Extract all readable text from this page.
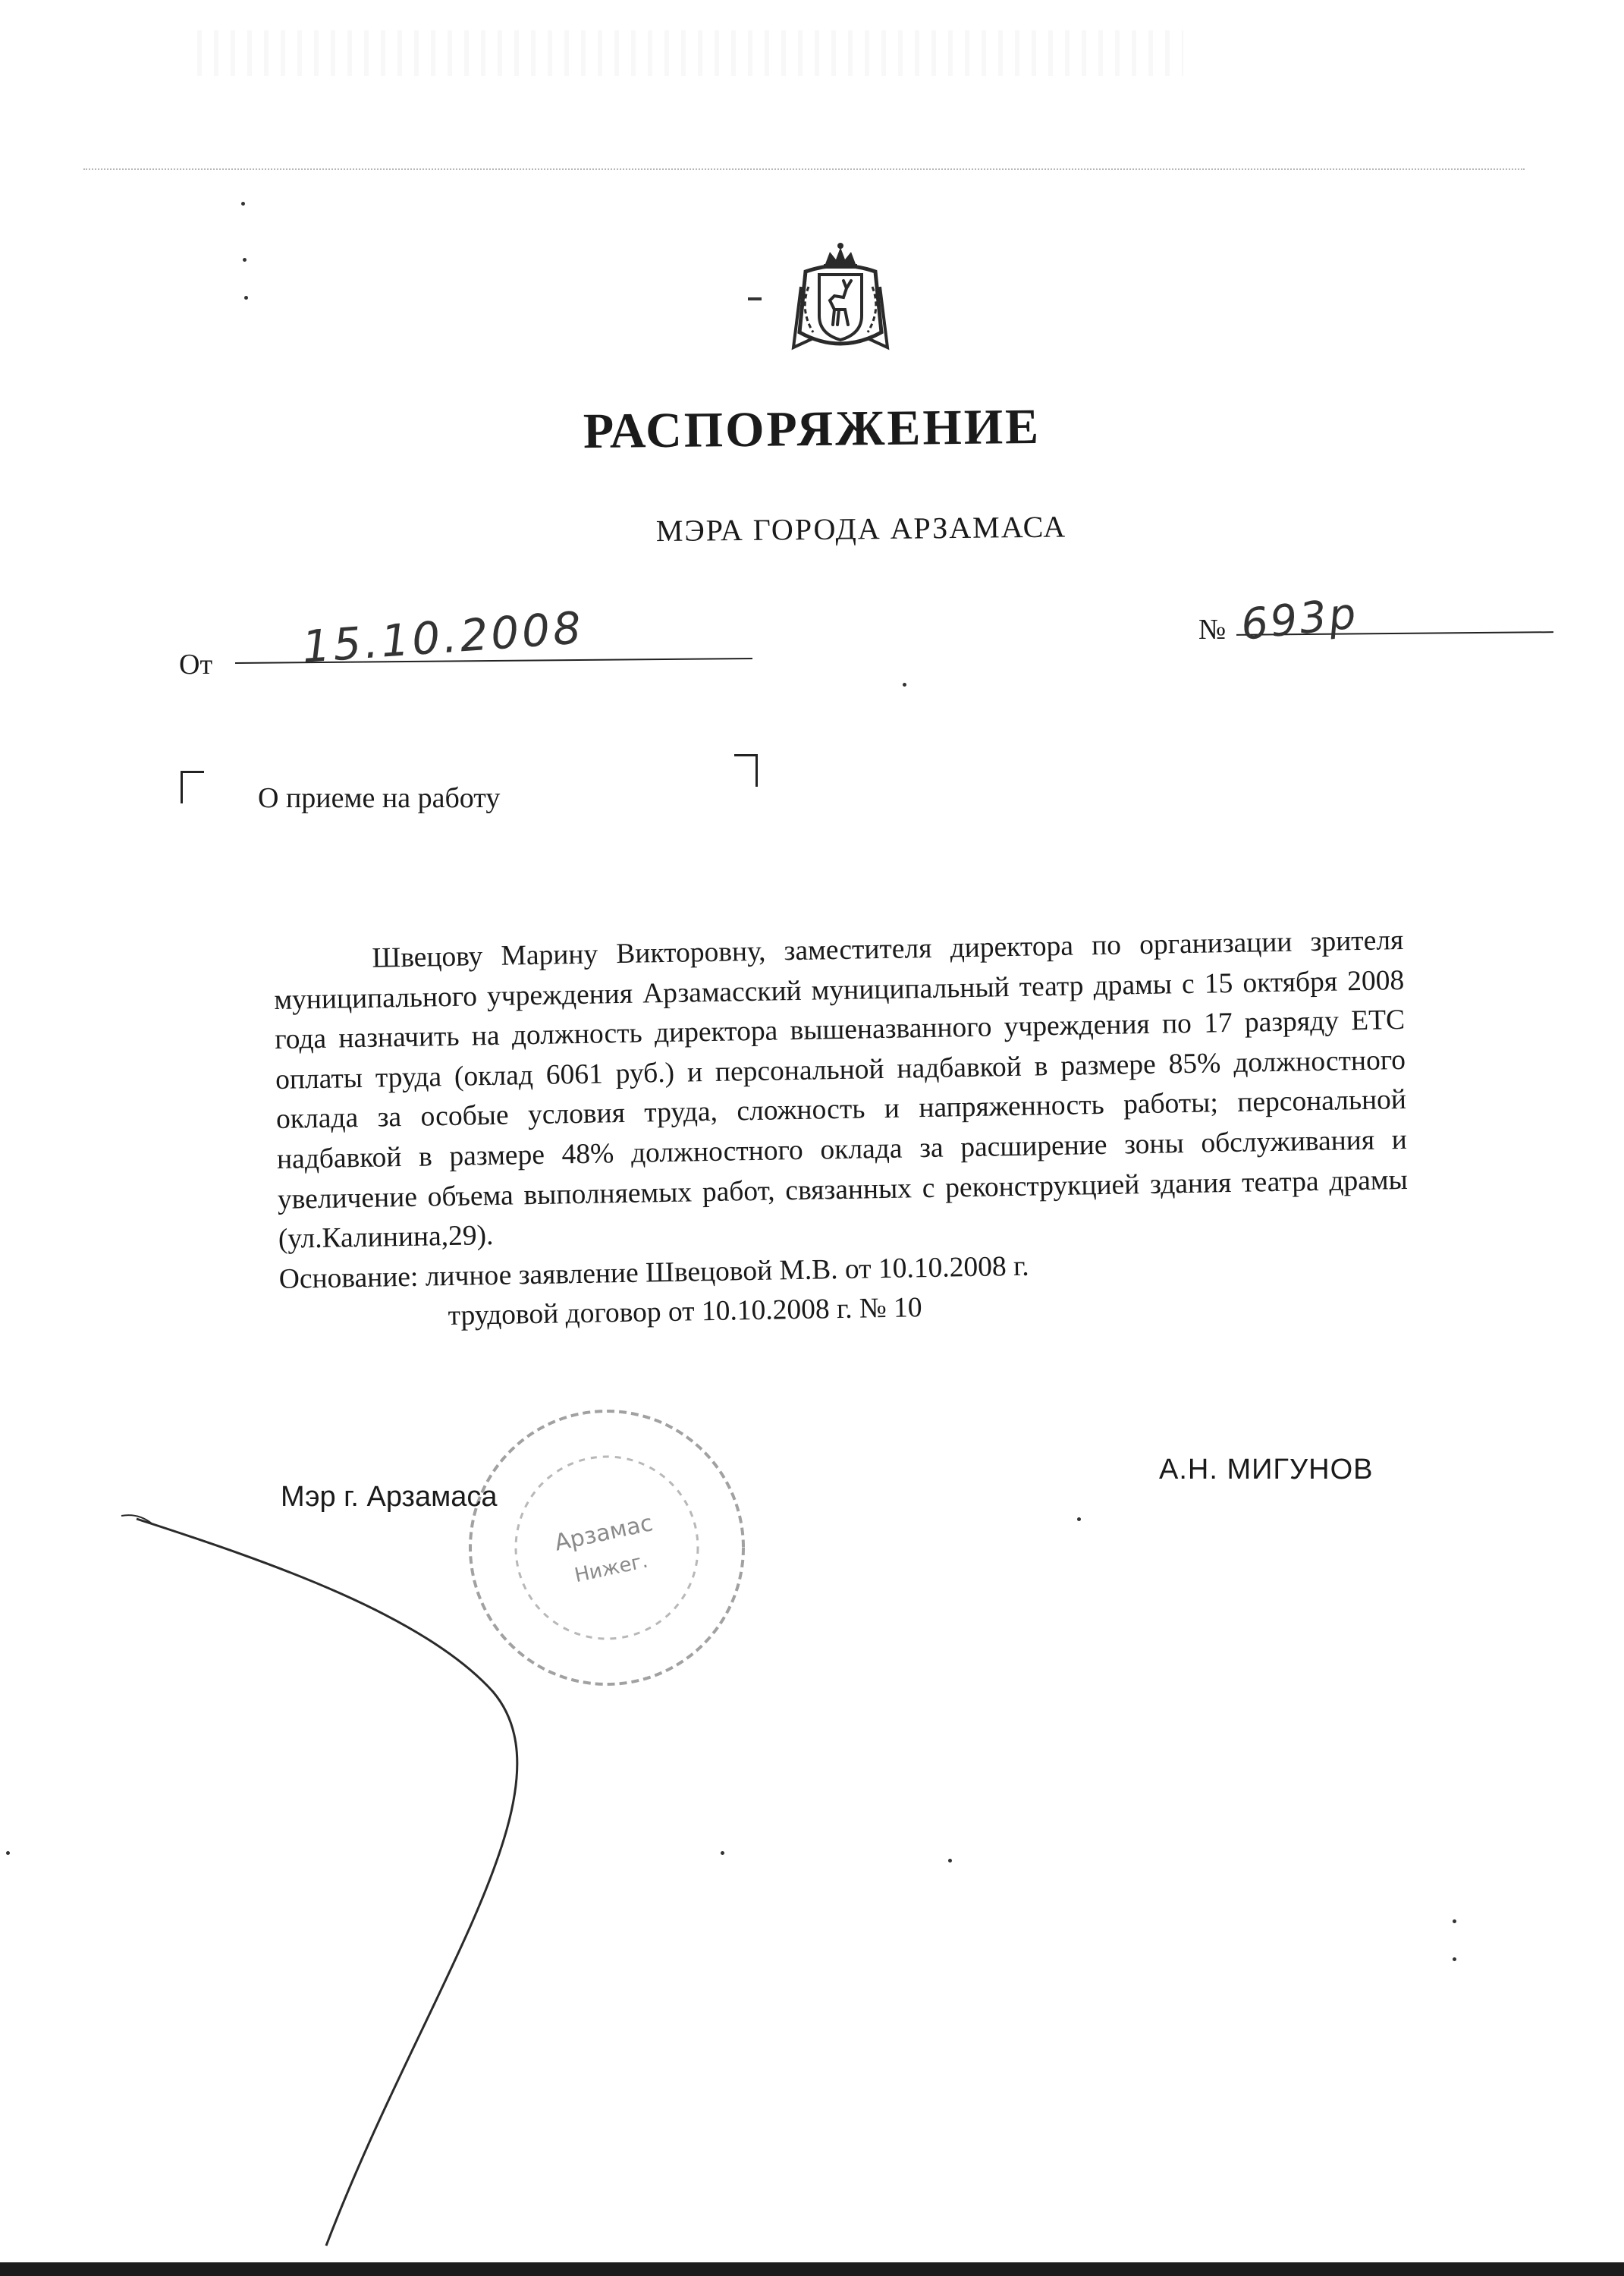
РАСПОРЯЖЕНИЕ
МЭРА ГОРОДА АРЗАМАСА
От 15.10.2008	№ 693р
О приеме на работу

Швецову Марину Викторовну, заместителя директора по организации зрителя муниципального учреждения Арзамасский муниципальный театр драмы с 15 октября 2008 года назначить на должность директора вышеназванного учреждения по 17 разряду ЕТС оплаты труда (оклад 6061 руб.) и персональной надбавкой в размере 85% должностного оклада за особые условия труда, сложность и напряженность работы; персональной надбавкой в размере 48% должностного оклада за расширение зоны обслуживания и увеличение объема выполняемых работ, связанных с реконструкцией здания театра драмы (ул.Калинина,29).

Основание: личное заявление Швецовой М.В. от 10.10.2008 г.
трудовой договор от 10.10.2008 г. № 10
Арзамас
Нижег.
Мэр г. Арзамаса
А.Н. МИГУНОВ
